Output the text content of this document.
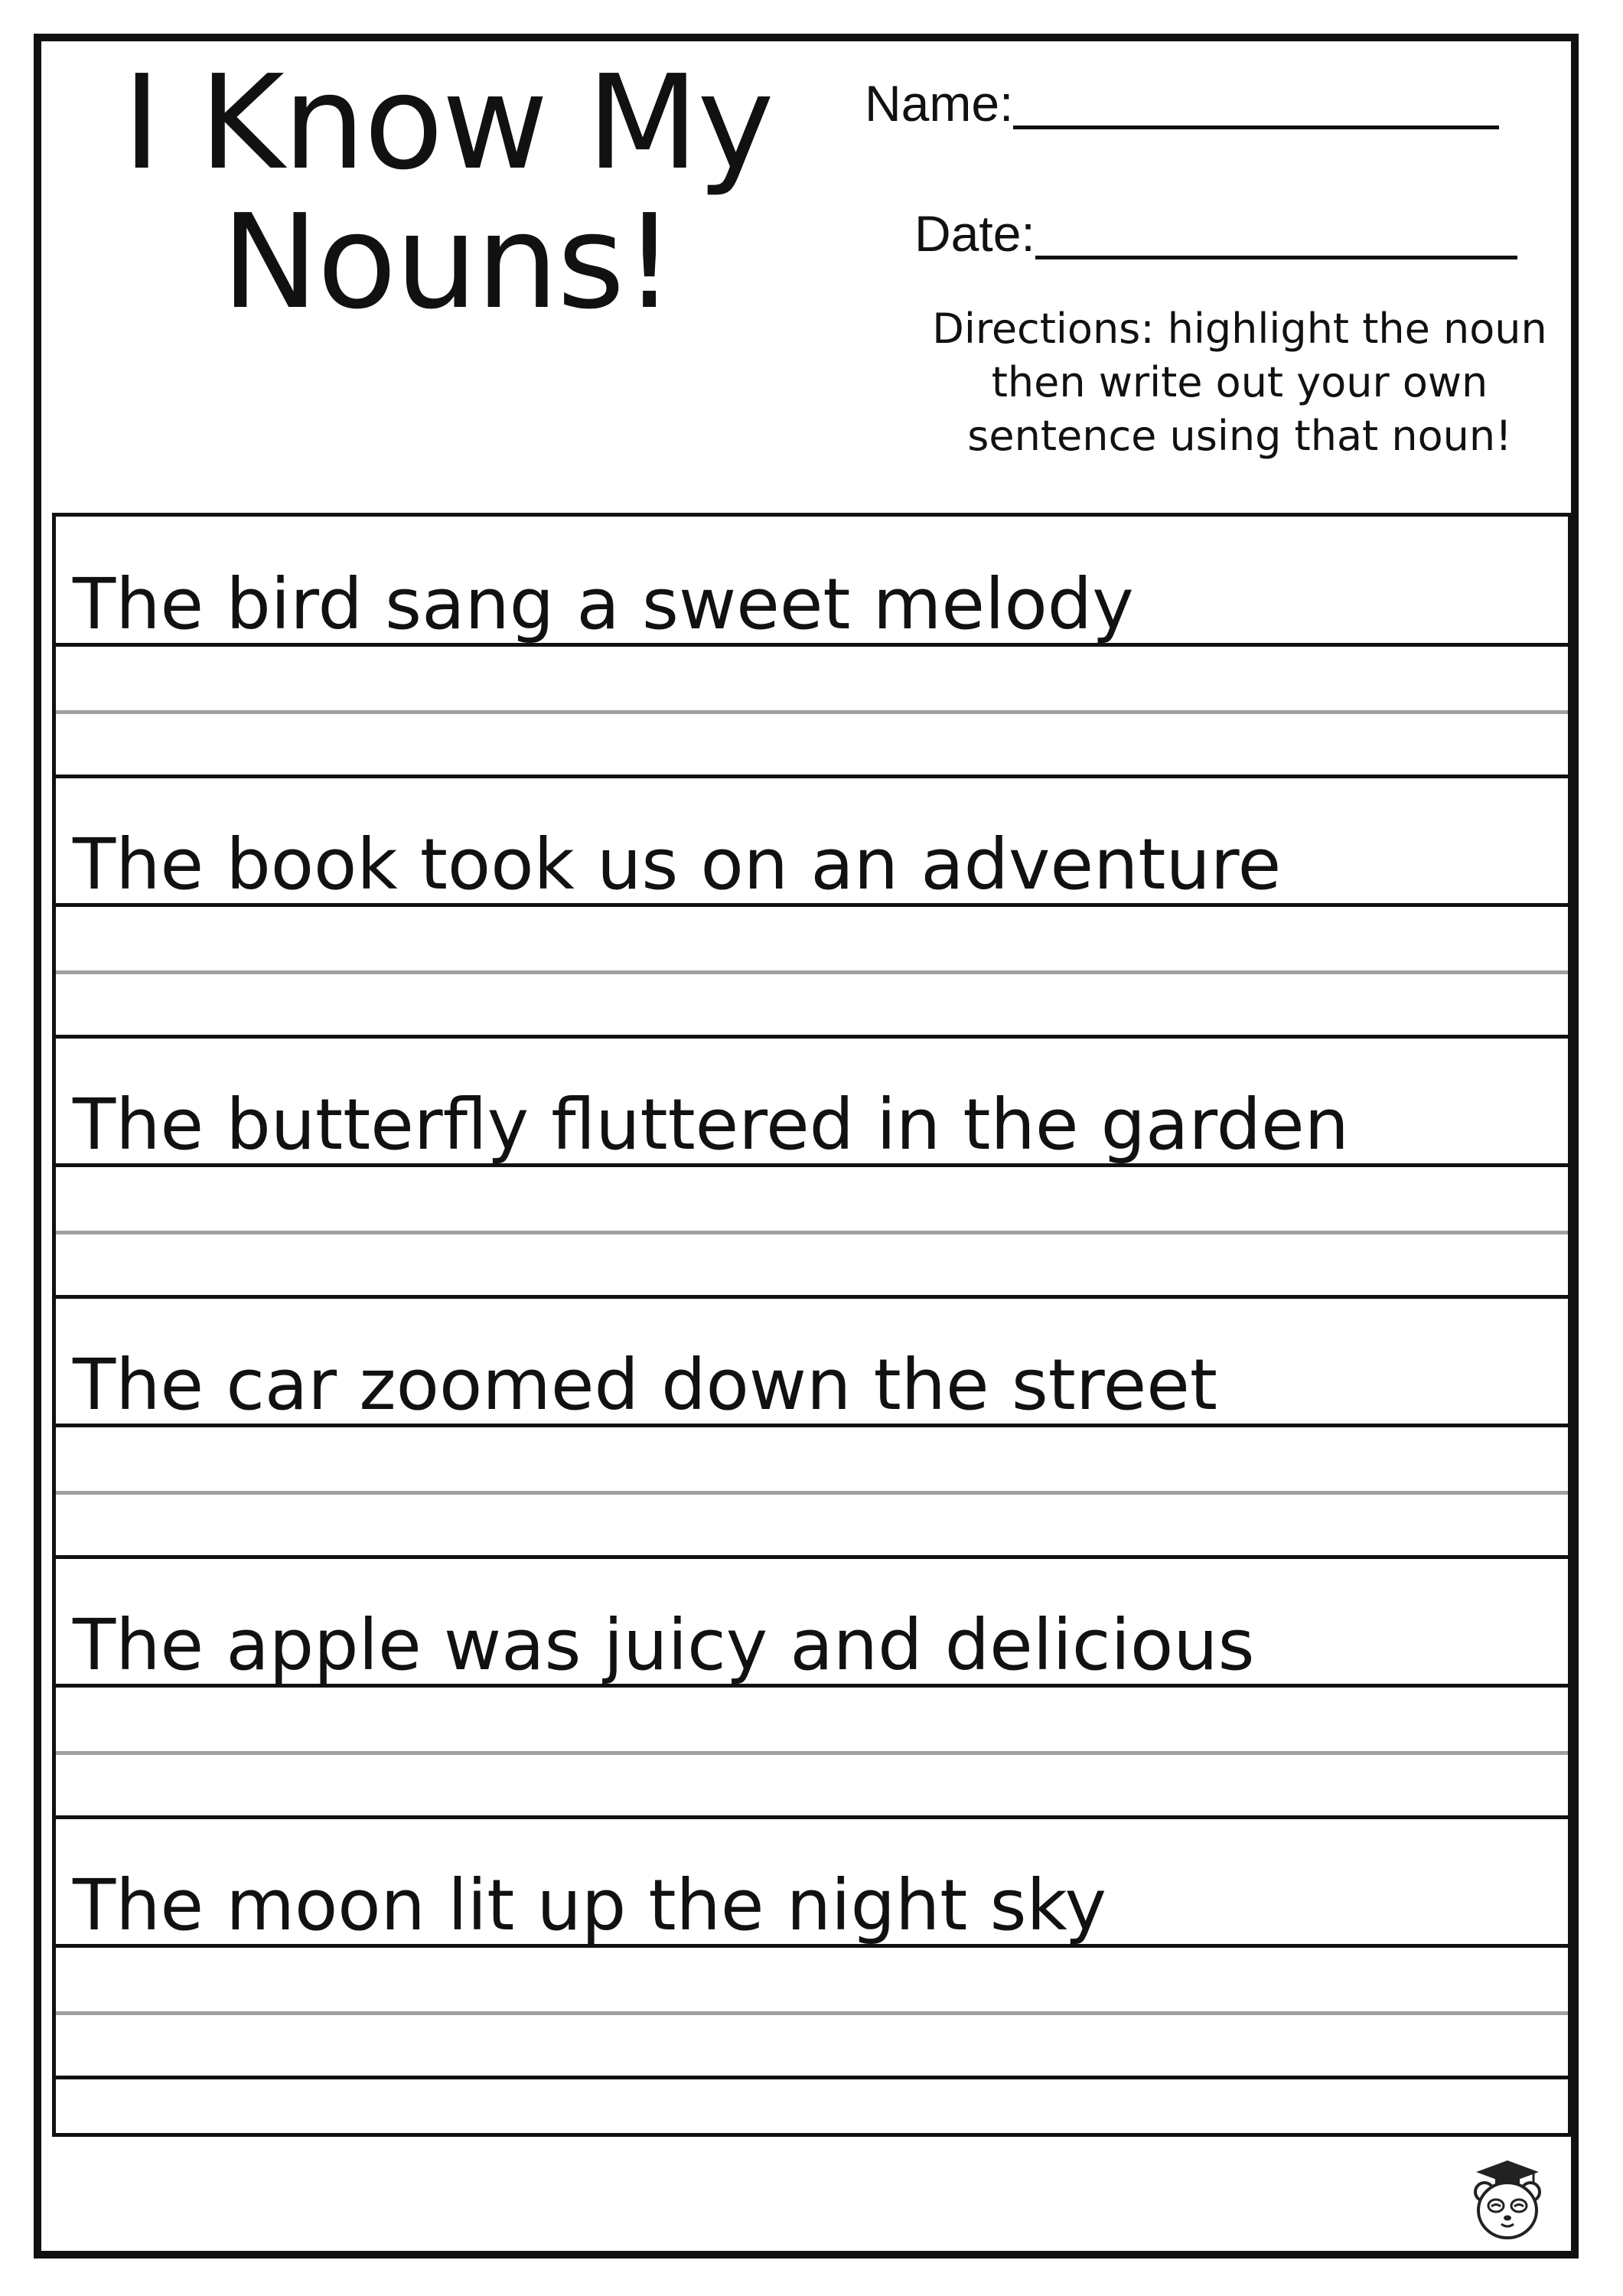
I Know My
Nouns!
Name:
Date:
Directions: highlight the noun
then write out your own
sentence using that noun!
The bird sang a sweet melody
The book took us on an adventure
The butterfly fluttered in the garden
The car zoomed down the street
The apple was juicy and delicious
The moon lit up the night sky
